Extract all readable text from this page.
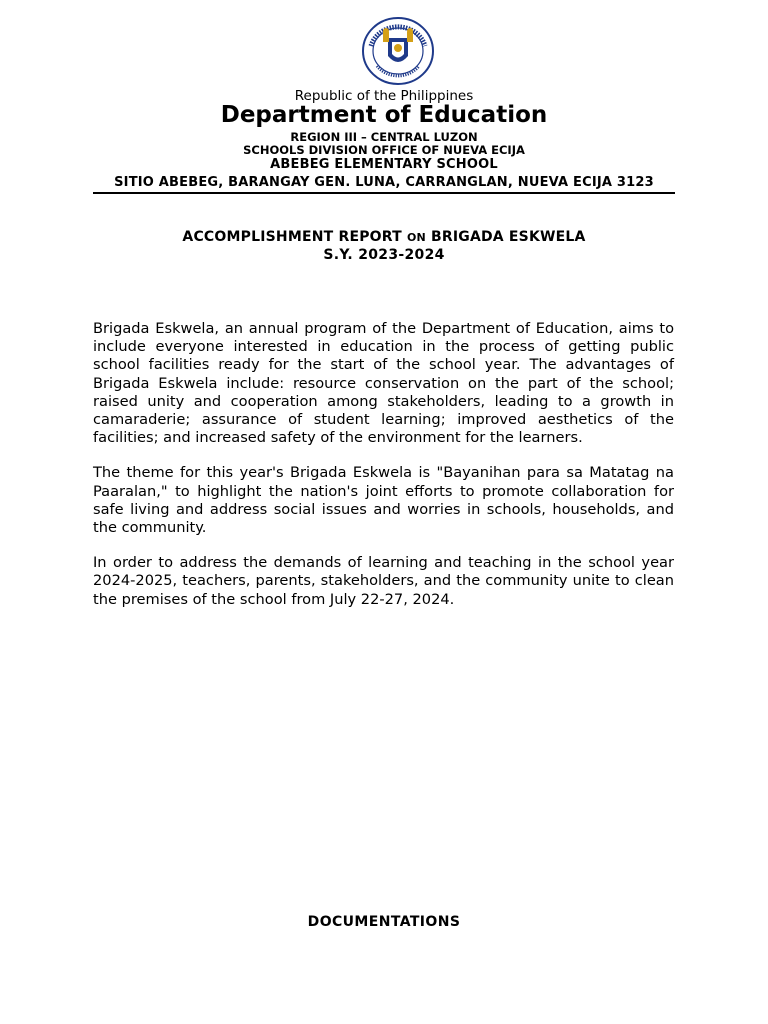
Republic of the Philippines
Department of Education
REGION III – CENTRAL LUZON
SCHOOLS DIVISION OFFICE OF NUEVA ECIJA
ABEBEG ELEMENTARY SCHOOL
SITIO ABEBEG, BARANGAY GEN. LUNA, CARRANGLAN, NUEVA ECIJA 3123
ACCOMPLISHMENT REPORT ON BRIGADA ESKWELA
S.Y. 2023-2024

Brigada Eskwela, an annual program of the Department of Education, aims to include everyone interested in education in the process of getting public school facilities ready for the start of the school year. The advantages of Brigada Eskwela include: resource conservation on the part of the school; raised unity and cooperation among stakeholders, leading to a growth in camaraderie; assurance of student learning; improved aesthetics of the facilities; and increased safety of the environment for the learners.

The theme for this year's Brigada Eskwela is "Bayanihan para sa Matatag na Paaralan," to highlight the nation's joint efforts to promote collaboration for safe living and address social issues and worries in schools, households, and the community.

In order to address the demands of learning and teaching in the school year 2024-2025, teachers, parents, stakeholders, and the community unite to clean the premises of the school from July 22-27, 2024.

DOCUMENTATIONS
